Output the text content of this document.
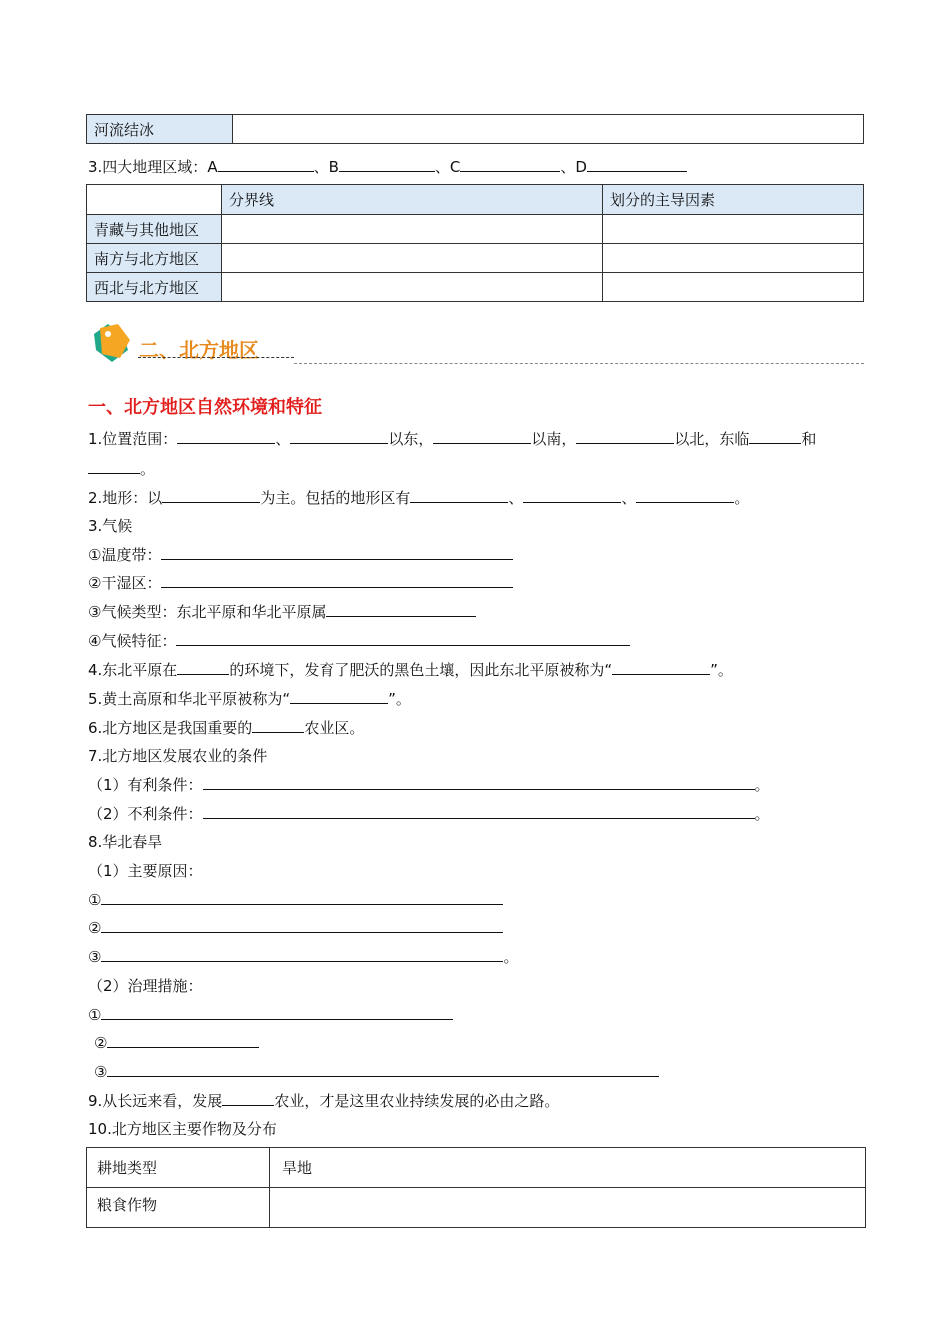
河流结冰	
3.四大地理区域：A	、B	、C	、D
	分界线	划分的主导因素
青藏与其他地区		
南方与北方地区		
西北与北方地区		
二、北方地区
一、北方地区自然环境和特征
1.位置范围：	、	以东，	以南，	以北，东临	和
。
2.地形：以	为主。包括的地形区有	、	、	。
3.气候
①温度带：
②干湿区：
③气候类型：东北平原和华北平原属
④气候特征：
4.东北平原在	的环境下，发育了肥沃的黑色土壤，因此东北平原被称为“	”。
5.黄土高原和华北平原被称为“	”。
6.北方地区是我国重要的	农业区。
7.北方地区发展农业的条件
（1）有利条件：	。
（2）不利条件：	。
8.华北春旱
（1）主要原因：
①
②
③	。
（2）治理措施：
①
②
③
9.从长远来看，发展	农业，才是这里农业持续发展的必由之路。
10.北方地区主要作物及分布
耕地类型	旱地
粮食作物	
